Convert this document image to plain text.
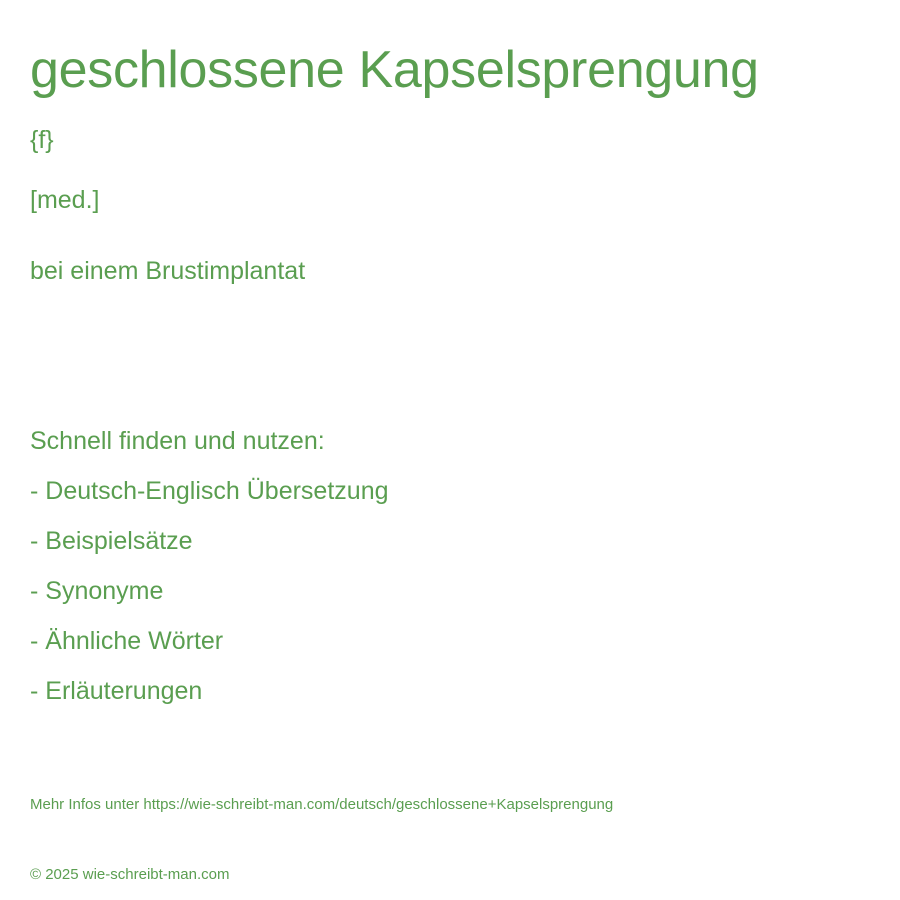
geschlossene Kapselsprengung
{f}
[med.]
bei einem Brustimplantat
Schnell finden und nutzen:
- Deutsch-Englisch Übersetzung
- Beispielsätze
- Synonyme
- Ähnliche Wörter
- Erläuterungen
Mehr Infos unter https://wie-schreibt-man.com/deutsch/geschlossene+Kapselsprengung
© 2025 wie-schreibt-man.com
